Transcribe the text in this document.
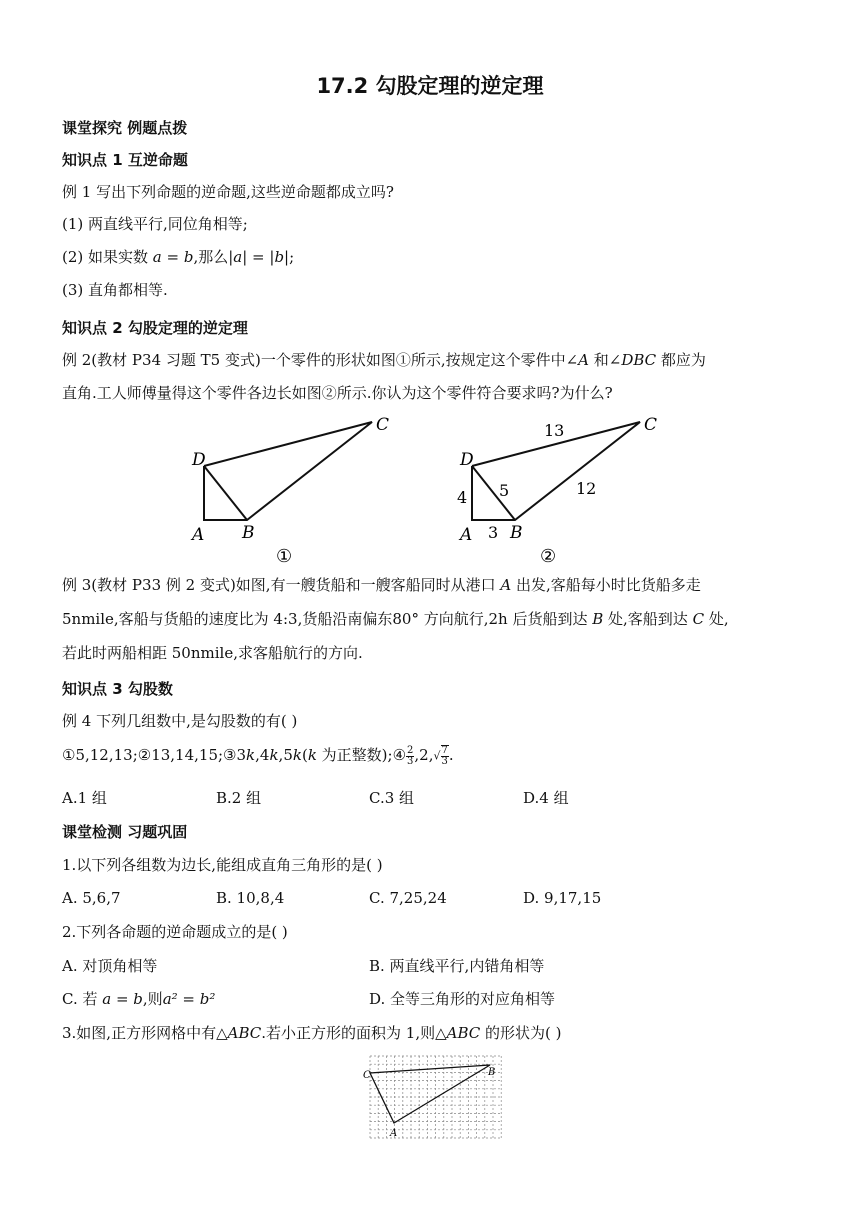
17.2 勾股定理的逆定理
课堂探究 例题点拨
知识点 1 互逆命题
例 1 写出下列命题的逆命题,这些逆命题都成立吗?
(1) 两直线平行,同位角相等;
(2) 如果实数 a = b,那么|a| = |b|;
(3) 直角都相等.
知识点 2 勾股定理的逆定理
例 2(教材 P34 习题 T5 变式)一个零件的形状如图①所示,按规定这个零件中∠A 和∠DBC 都应为
直角.工人师傅量得这个零件各边长如图②所示.你认为这个零件符合要求吗?为什么?
D
A B
C
①
D
A B
C
4
3
5	12
13
②
例 3(教材 P33 例 2 变式)如图,有一艘货船和一艘客船同时从港口 A 出发,客船每小时比货船多走
5nmile,客船与货船的速度比为 4:3,货船沿南偏东80° 方向航行,2h 后货船到达 B 处,客船到达 C 处,
若此时两船相距 50nmile,求客船航行的方向.
知识点 3 勾股数
例 4 下列几组数中,是勾股数的有( )
①5,12,13;②13,14,15;③3k,4k,5k(k 为正整数);④ $\frac{2}{3} ,2,√ \frac{7}{3}$ .
A.1 组	B.2 组	C.3 组	D.4 组
课堂检测 习题巩固
1.以下列各组数为边长,能组成直角三角形的是( )
A. 5,6,7	B. 10,8,4	C. 7,25,24	D. 9,17,15
2.下列各命题的逆命题成立的是( )
A. 对顶角相等	B. 两直线平行,内错角相等
C. 若 a = b,则a² = b²	D. 全等三角形的对应角相等
3.如图,正方形网格中有△ABC.若小正方形的面积为 1,则△ABC 的形状为( )
C	B
A
